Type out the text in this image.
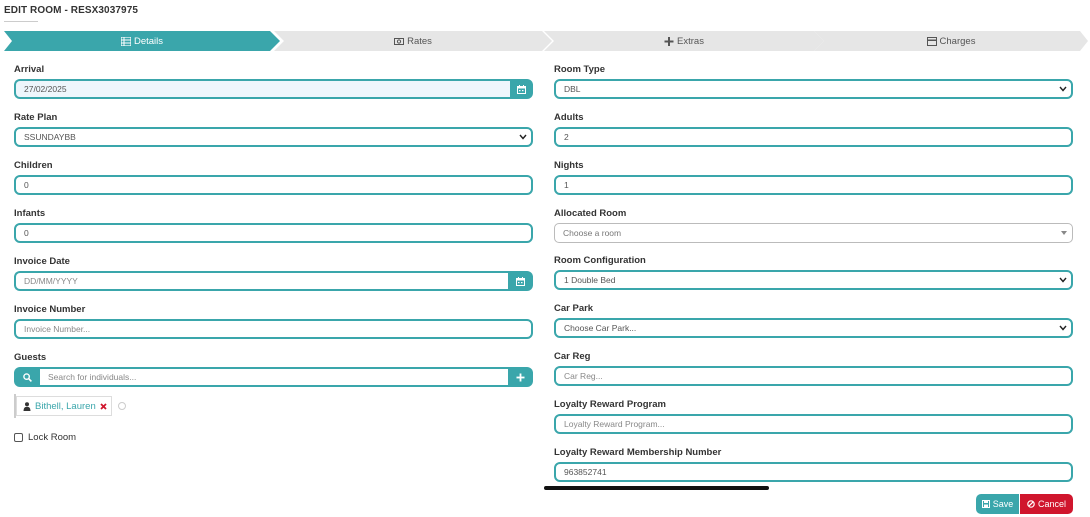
EDIT ROOM - RESX3037975
Details	Rates	Extras	Charges
Arrival
27/02/2025
Rate Plan
SSUNDAYBB
Children
0
Infants
0
Invoice Date
DD/MM/YYYY
Invoice Number
Invoice Number...
Guests
Search for individuals...
Bithell, Lauren
Lock Room
Room Type
DBL
Adults
2
Nights
1
Allocated Room
Choose a room
Room Configuration
1 Double Bed
Car Park
Choose Car Park...
Car Reg
Car Reg...
Loyalty Reward Program
Loyalty Reward Program...
Loyalty Reward Membership Number
963852741
Save	Cancel
